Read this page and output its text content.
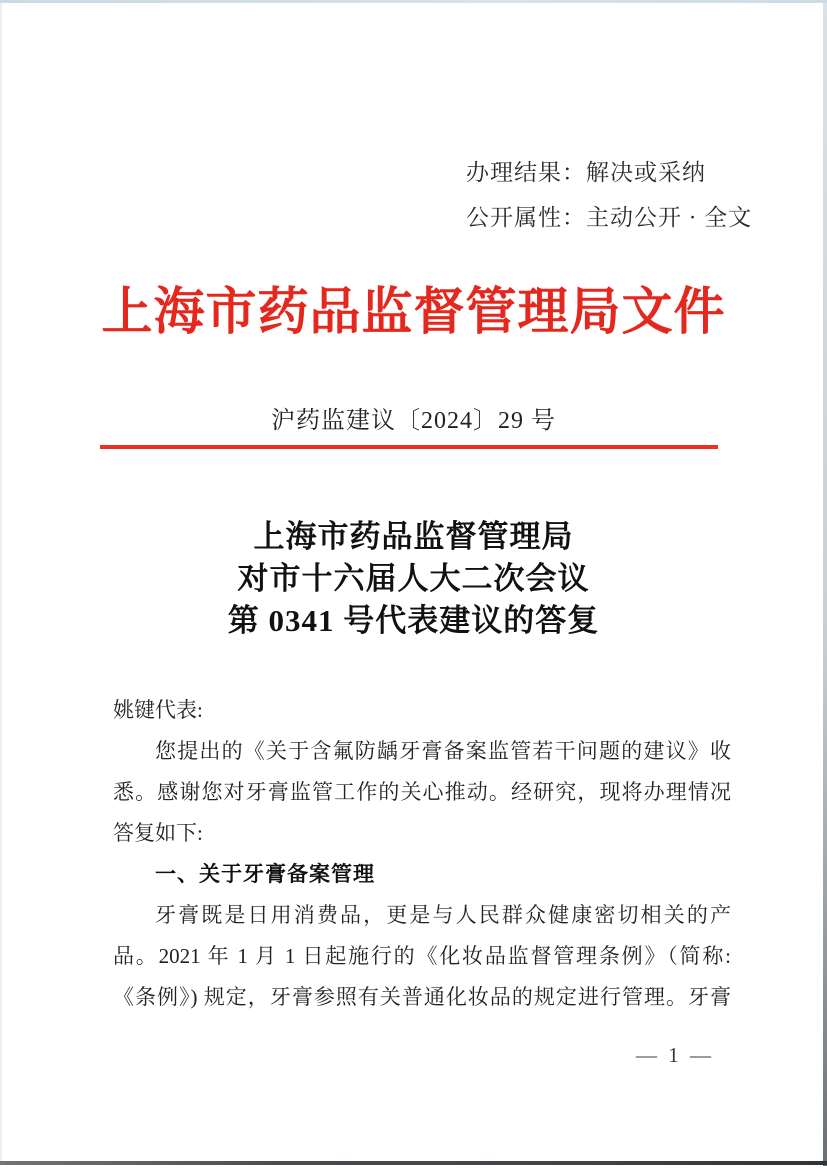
办理结果：解决或采纳
公开属性：主动公开 · 全文
上海市药品监督管理局文件
沪药监建议〔2024〕29 号
上海市药品监督管理局
对市十六届人大二次会议
第 0341 号代表建议的答复
姚键代表:
您提出的《关于含氟防龋牙膏备案监管若干问题的建议》收
悉。感谢您对牙膏监管工作的关心推动。经研究，现将办理情况
答复如下:
一、关于牙膏备案管理
牙膏既是日用消费品，更是与人民群众健康密切相关的产
品。2021 年 1 月 1 日起施行的《化妆品监督管理条例》（简称:
《条例》) 规定，牙膏参照有关普通化妆品的规定进行管理。牙膏
— 1 —
